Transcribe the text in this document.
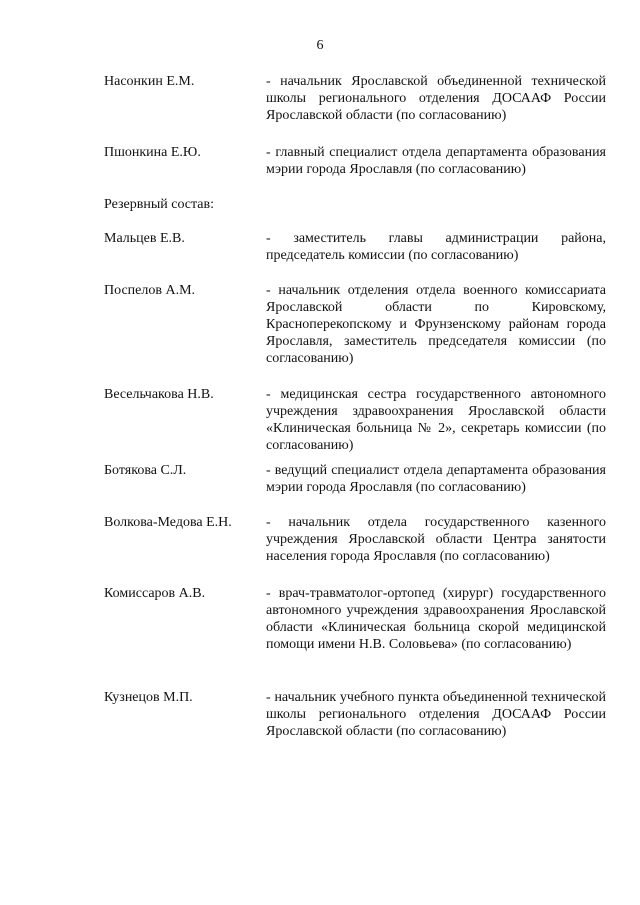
6
Насонкин Е.М.	- начальник Ярославской объединенной технической школы регионального отделения ДОСААФ России Ярославской области (по согласованию)
Пшонкина Е.Ю.	- главный специалист отдела департамента образования мэрии города Ярославля (по согласованию)
Резервный состав:
Мальцев Е.В.	- заместитель главы администрации района, председатель комиссии (по согласованию)
Поспелов А.М.	- начальник отделения отдела военного комиссариата Ярославской области по Кировскому, Красноперекопскому и Фрунзенскому районам города Ярославля, заместитель председателя комиссии (по согласованию)
Весельчакова Н.В.	- медицинская сестра государственного автономного учреждения здравоохранения Ярославской области «Клиническая больница № 2», секретарь комиссии (по согласованию)
Ботякова С.Л.	- ведущий специалист отдела департамента образования мэрии города Ярославля (по согласованию)
Волкова-Медова Е.Н.	- начальник отдела государственного казенного учреждения Ярославской области Центра занятости населения города Ярославля (по согласованию)
Комиссаров А.В.	- врач-травматолог-ортопед (хирург) государственного автономного учреждения здравоохранения Ярославской области «Клиническая больница скорой медицинской помощи имени Н.В. Соловьева» (по согласованию)
Кузнецов М.П.	- начальник учебного пункта объединенной технической школы регионального отделения ДОСААФ России Ярославской области (по согласованию)
